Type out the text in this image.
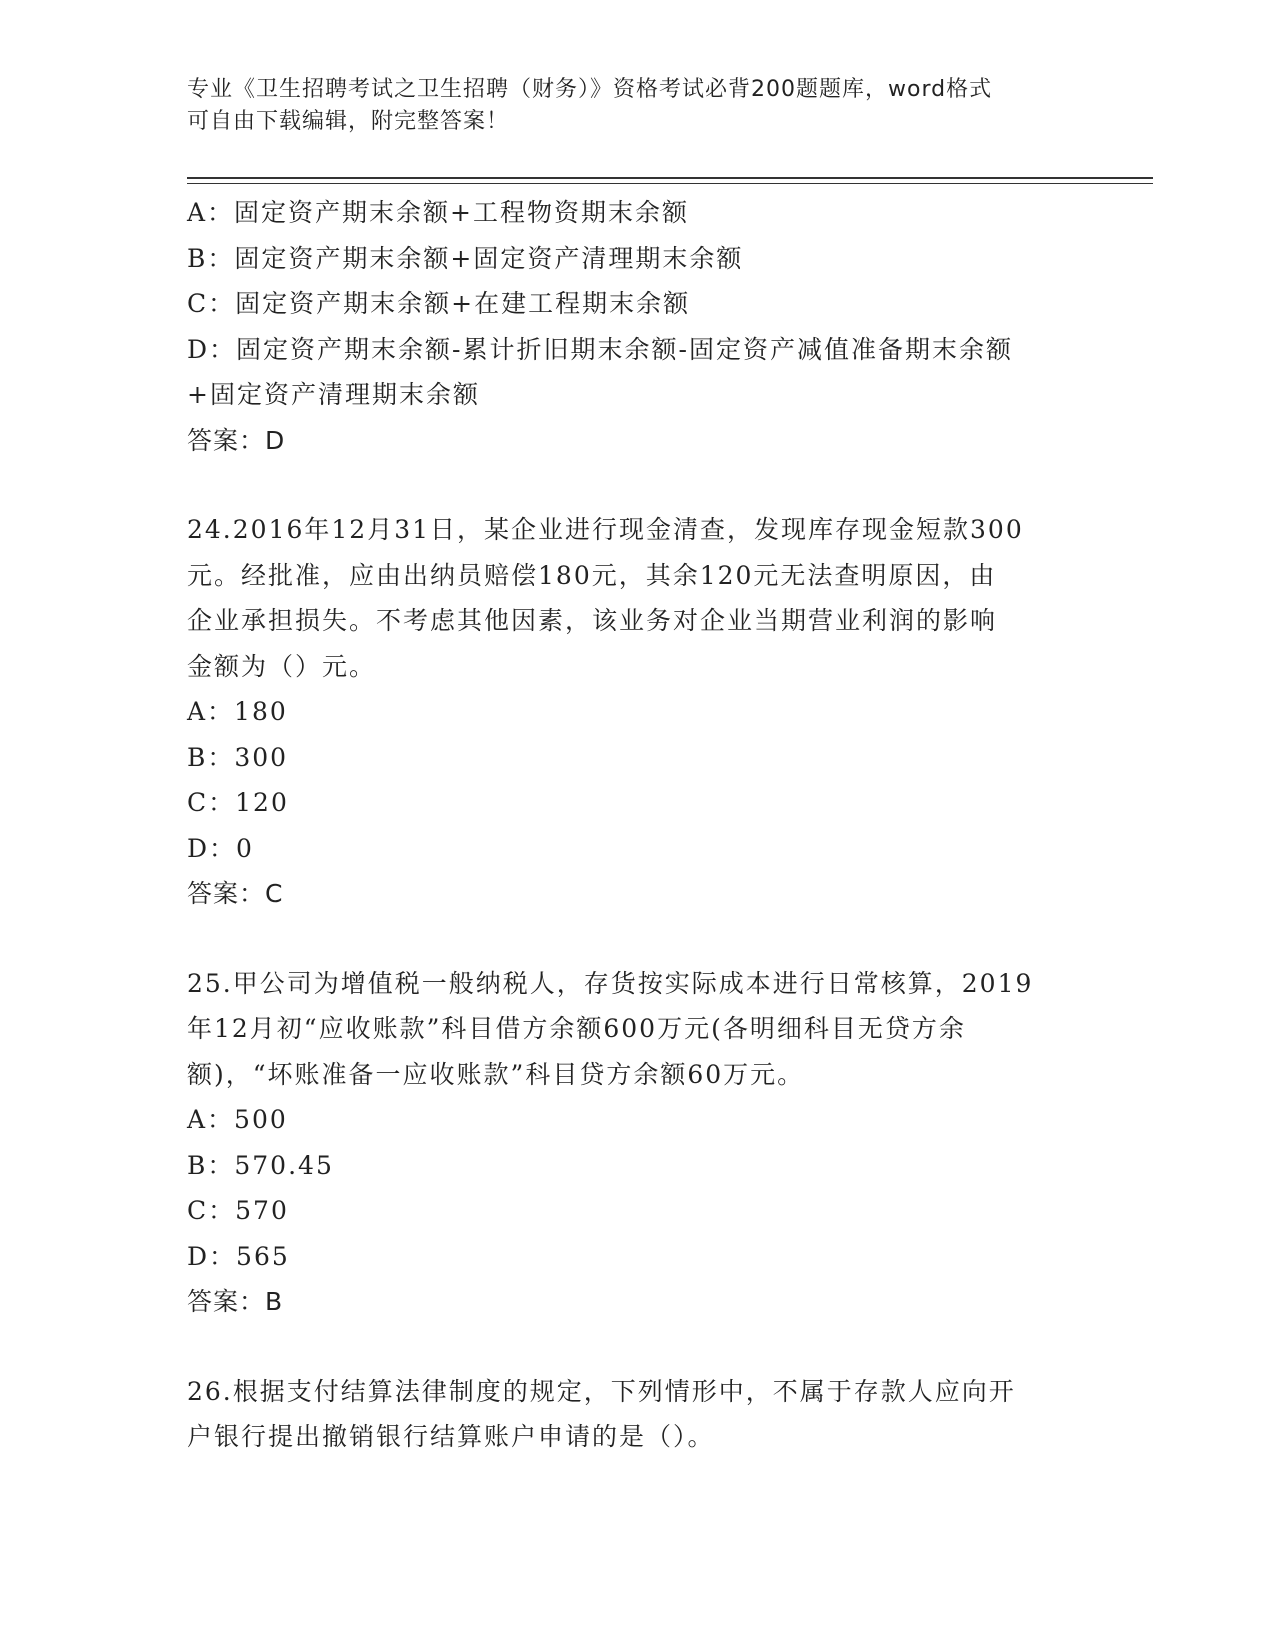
专业《卫生招聘考试之卫生招聘（财务）》资格考试必背200题题库，word格式
可自由下载编辑，附完整答案！
A：固定资产期末余额+工程物资期末余额
B：固定资产期末余额+固定资产清理期末余额
C：固定资产期末余额+在建工程期末余额
D：固定资产期末余额-累计折旧期末余额-固定资产减值准备期末余额
+固定资产清理期末余额
答案：D
24.2016年12月31日，某企业进行现金清查，发现库存现金短款300
元。经批准，应由出纳员赔偿180元，其余120元无法查明原因，由
企业承担损失。不考虑其他因素，该业务对企业当期营业利润的影响
金额为（）元。
A：180
B：300
C：120
D：0
答案：C
25.甲公司为增值税一般纳税人，存货按实际成本进行日常核算，2019
年12月初“应收账款”科目借方余额600万元(各明细科目无贷方余
额)，“坏账准备一应收账款”科目贷方余额60万元。
A：500
B：570.45
C：570
D：565
答案：B
26.根据支付结算法律制度的规定，下列情形中，不属于存款人应向开
户银行提出撤销银行结算账户申请的是（）。
